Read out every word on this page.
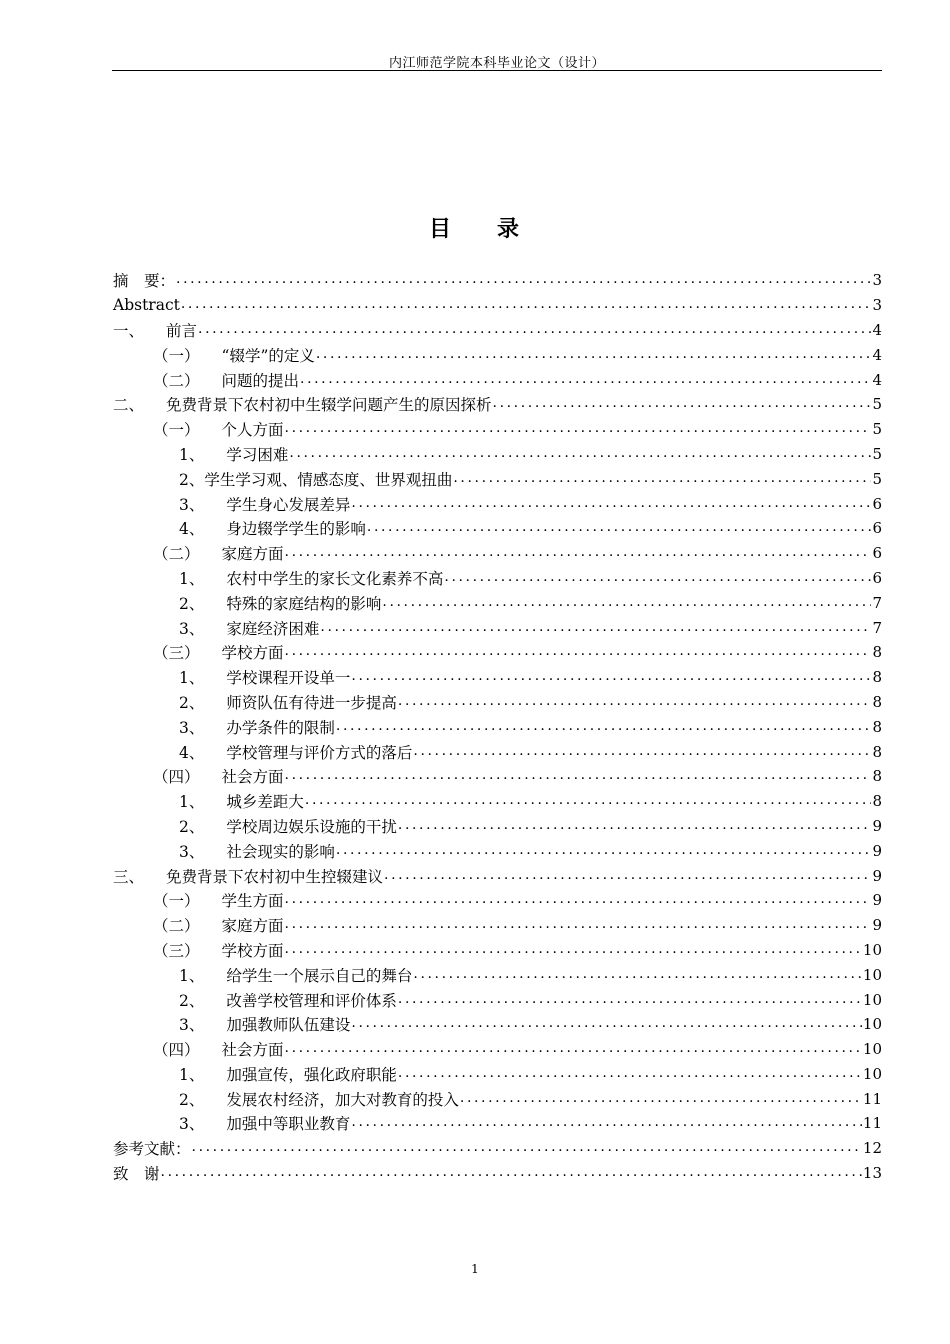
内江师范学院本科毕业论文（设计）
目 录
摘　要： .....	3
Abstract .....	3
一、 前言 .....	4
（一） “辍学”的定义 .....	4
（二） 问题的提出 .....	4
二、 免费背景下农村初中生辍学问题产生的原因探析 .....	5
（一） 个人方面 .....	5
1、 学习困难 .....	5
2、学生学习观、情感态度、世界观扭曲 .....	5
3、 学生身心发展差异 .....	6
4、 身边辍学学生的影响 .....	6
（二） 家庭方面 .....	6
1、 农村中学生的家长文化素养不高 .....	6
2、 特殊的家庭结构的影响 .....	7
3、 家庭经济困难 .....	7
（三） 学校方面 .....	8
1、 学校课程开设单一 .....	8
2、 师资队伍有待进一步提高 .....	8
3、 办学条件的限制 .....	8
4、 学校管理与评价方式的落后 .....	8
（四） 社会方面 .....	8
1、 城乡差距大 .....	8
2、 学校周边娱乐设施的干扰 .....	9
3、 社会现实的影响 .....	9
三、 免费背景下农村初中生控辍建议 .....	9
（一） 学生方面 .....	9
（二） 家庭方面 .....	9
（三） 学校方面 .....	10
1、 给学生一个展示自己的舞台 .....	10
2、 改善学校管理和评价体系 .....	10
3、 加强教师队伍建设 .....	10
（四） 社会方面 .....	10
1、 加强宣传，强化政府职能 .....	10
2、 发展农村经济，加大对教育的投入 .....	11
3、 加强中等职业教育 .....	11
参考文献： .....	12
致　谢 .....	13
1
